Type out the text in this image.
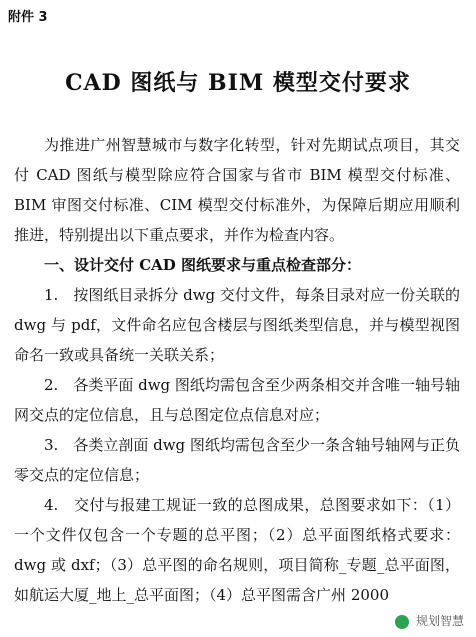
附件 3
CAD 图纸与 BIM 模型交付要求

为推进广州智慧城市与数字化转型，针对先期试点项目，其交付 CAD 图纸与模型除应符合国家与省市 BIM 模型交付标准、BIM 审图交付标准、CIM 模型交付标准外，为保障后期应用顺利推进，特别提出以下重点要求，并作为检查内容。

一、设计交付 CAD 图纸要求与重点检查部分：

1.　按图纸目录拆分 dwg 交付文件，每条目录对应一份关联的 dwg 与 pdf，文件命名应包含楼层与图纸类型信息，并与模型视图命名一致或具备统一关联关系；

2.　各类平面 dwg 图纸均需包含至少两条相交并含唯一轴号轴网交点的定位信息，且与总图定位点信息对应；

3.　各类立剖面 dwg 图纸均需包含至少一条含轴号轴网与正负零交点的定位信息；

4.　交付与报建工规证一致的总图成果，总图要求如下：（1）一个文件仅包含一个专题的总平图；（2）总平面图纸格式要求：dwg 或 dxf；（3）总平图的命名规则，项目简称_专题_总平面图，如航运大厦_地上_总平面图；（4）总平图需含广州 2000

规划智慧
